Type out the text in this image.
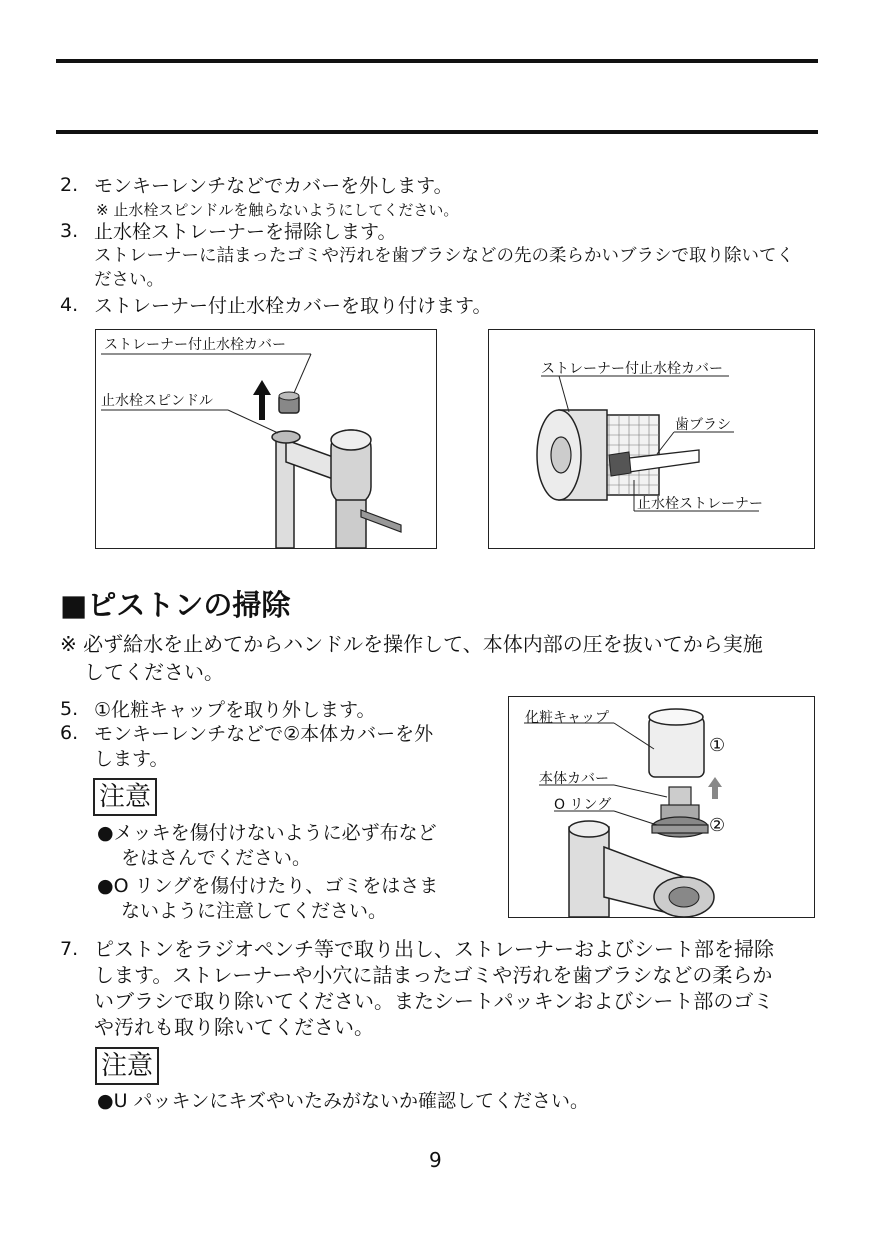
2. モンキーレンチなどでカバーを外します。
※ 止水栓スピンドルを触らないようにしてください。
3. 止水栓ストレーナーを掃除します。
ストレーナーに詰まったゴミや汚れを歯ブラシなどの先の柔らかいブラシで取り除いてく
ださい。
4. ストレーナー付止水栓カバーを取り付けます。
ストレーナー付止水栓カバー
止水栓スピンドル
ストレーナー付止水栓カバー
歯ブラシ
止水栓ストレーナー
■ピストンの掃除
※ 必ず給水を止めてからハンドルを操作して、本体内部の圧を抜いてから実施
してください。
5. ①化粧キャップを取り外します。
6. モンキーレンチなどで②本体カバーを外
します。
注意
●メッキを傷付けないように必ず布など
をはさんでください。
●O リングを傷付けたり、ゴミをはさま
ないように注意してください。
化粧キャップ
本体カバー
O リング
①
②
7. ピストンをラジオペンチ等で取り出し、ストレーナーおよびシート部を掃除
します。ストレーナーや小穴に詰まったゴミや汚れを歯ブラシなどの柔らか
いブラシで取り除いてください。またシートパッキンおよびシート部のゴミ
や汚れも取り除いてください。
注意
●U パッキンにキズやいたみがないか確認してください。
9
